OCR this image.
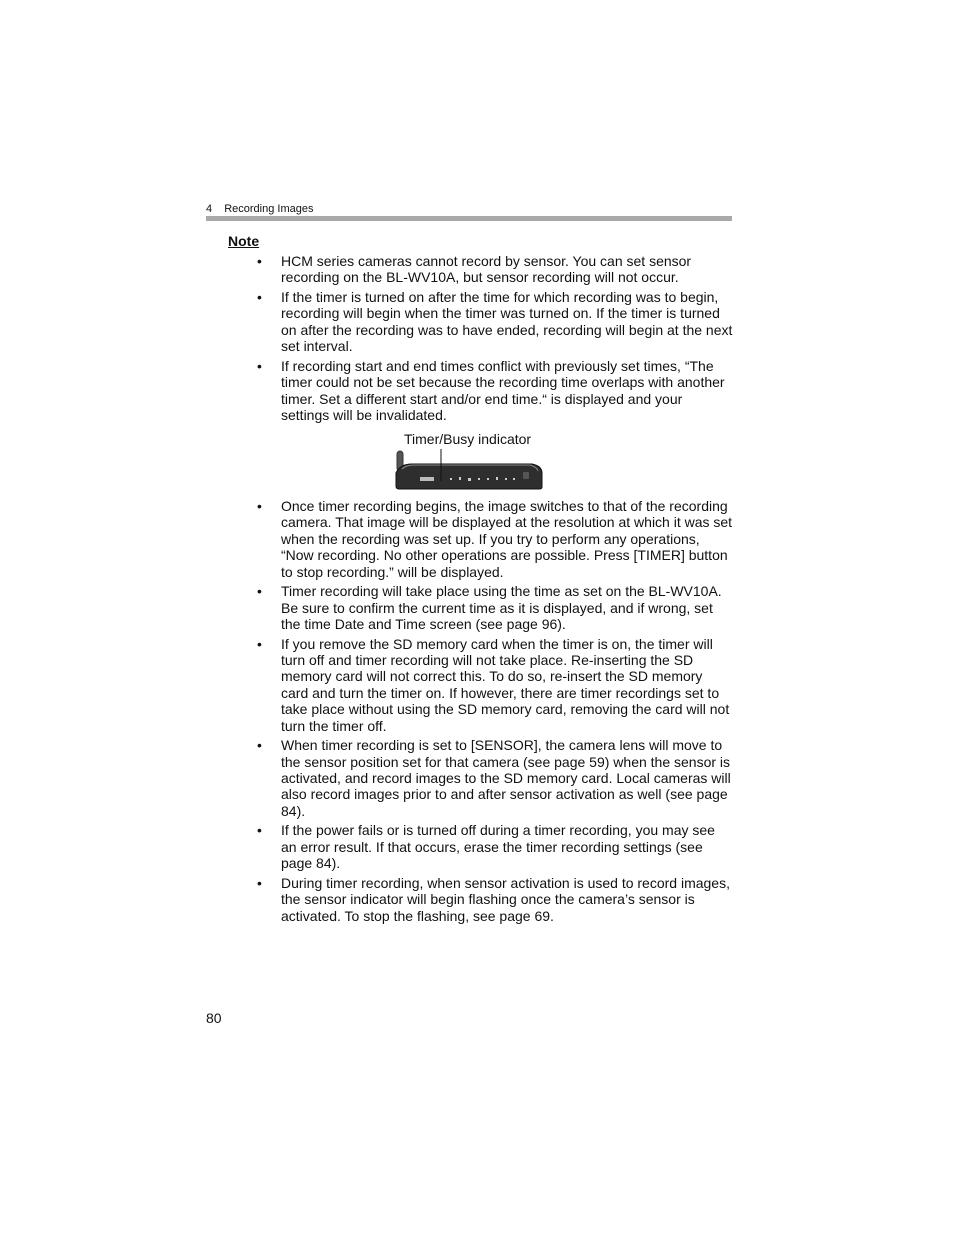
4 Recording Images
Note
• HCM series cameras cannot record by sensor. You can set sensor recording on the BL-WV10A, but sensor recording will not occur.
• If the timer is turned on after the time for which recording was to begin, recording will begin when the timer was turned on. If the timer is turned on after the recording was to have ended, recording will begin at the next set interval.
• If recording start and end times conflict with previously set times, “The timer could not be set because the recording time overlaps with another timer. Set a different start and/or end time.“ is displayed and your settings will be invalidated.
Timer/Busy indicator
• Once timer recording begins, the image switches to that of the recording camera. That image will be displayed at the resolution at which it was set when the recording was set up. If you try to perform any operations, “Now recording. No other operations are possible. Press [TIMER] button to stop recording.” will be displayed.
• Timer recording will take place using the time as set on the BL-WV10A. Be sure to confirm the current time as it is displayed, and if wrong, set the time Date and Time screen (see page 96).
• If you remove the SD memory card when the timer is on, the timer will turn off and timer recording will not take place. Re-inserting the SD memory card will not correct this. To do so, re-insert the SD memory card and turn the timer on. If however, there are timer recordings set to take place without using the SD memory card, removing the card will not turn the timer off.
• When timer recording is set to [SENSOR], the camera lens will move to the sensor position set for that camera (see page 59) when the sensor is activated, and record images to the SD memory card. Local cameras will also record images prior to and after sensor activation as well (see page 84).
• If the power fails or is turned off during a timer recording, you may see an error result. If that occurs, erase the timer recording settings (see page 84).
• During timer recording, when sensor activation is used to record images, the sensor indicator will begin flashing once the camera’s sensor is activated. To stop the flashing, see page 69.
80
